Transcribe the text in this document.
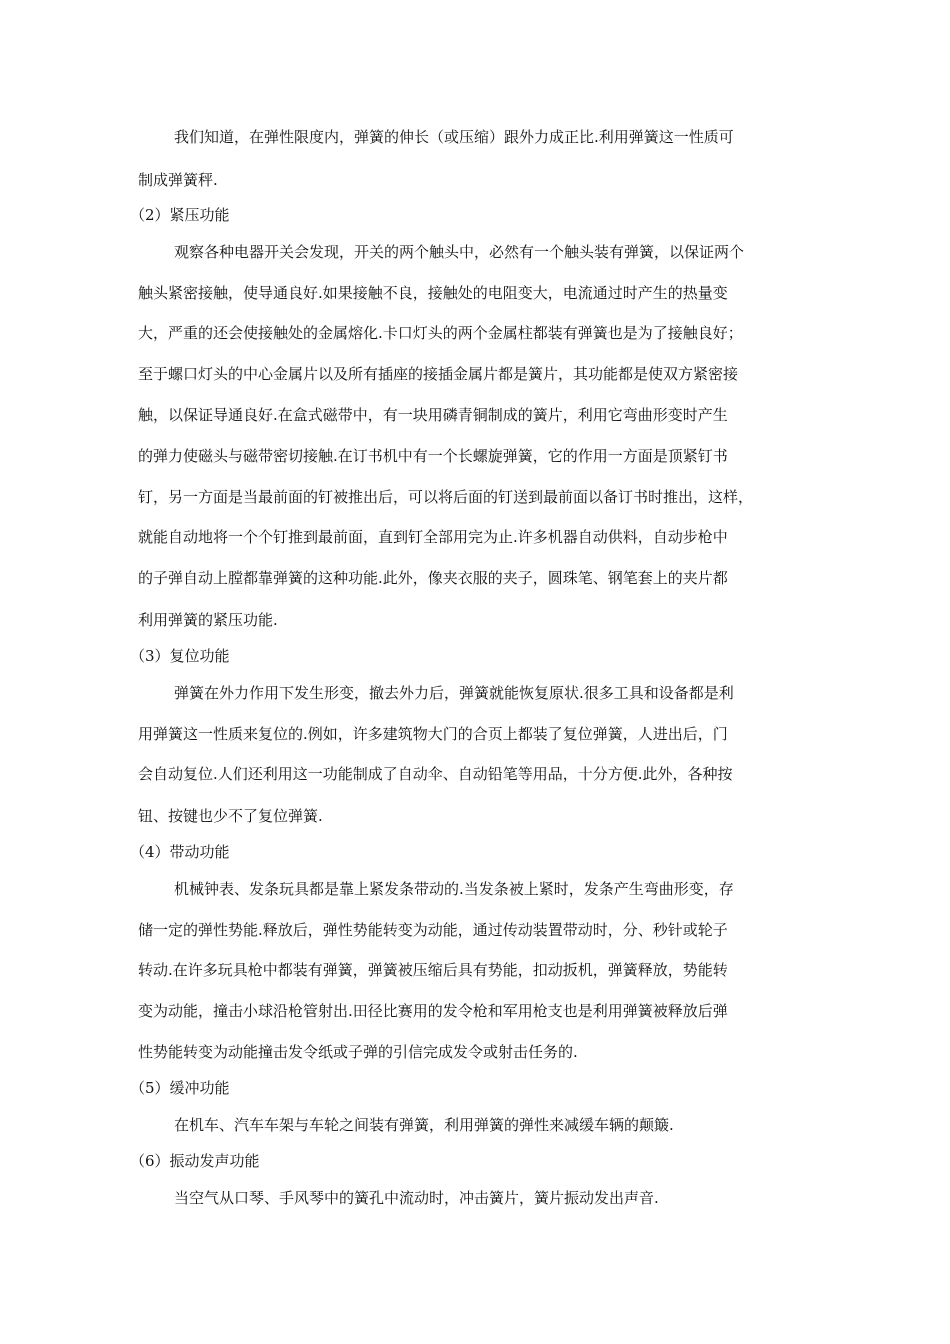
我们知道，在弹性限度内，弹簧的伸长（或压缩）跟外力成正比.利用弹簧这一性质可

制成弹簧秤.

（2）紧压功能

观察各种电器开关会发现，开关的两个触头中，必然有一个触头装有弹簧，以保证两个

触头紧密接触，使导通良好.如果接触不良，接触处的电阻变大，电流通过时产生的热量变

大，严重的还会使接触处的金属熔化.卡口灯头的两个金属柱都装有弹簧也是为了接触良好；

至于螺口灯头的中心金属片以及所有插座的接插金属片都是簧片，其功能都是使双方紧密接

触，以保证导通良好.在盒式磁带中，有一块用磷青铜制成的簧片，利用它弯曲形变时产生

的弹力使磁头与磁带密切接触.在订书机中有一个长螺旋弹簧，它的作用一方面是顶紧钉书

钉，另一方面是当最前面的钉被推出后，可以将后面的钉送到最前面以备订书时推出，这样，

就能自动地将一个个钉推到最前面，直到钉全部用完为止.许多机器自动供料，自动步枪中

的子弹自动上膛都靠弹簧的这种功能.此外，像夹衣服的夹子，圆珠笔、钢笔套上的夹片都

利用弹簧的紧压功能.

（3）复位功能

弹簧在外力作用下发生形变，撤去外力后，弹簧就能恢复原状.很多工具和设备都是利

用弹簧这一性质来复位的.例如，许多建筑物大门的合页上都装了复位弹簧，人进出后，门

会自动复位.人们还利用这一功能制成了自动伞、自动铅笔等用品，十分方便.此外，各种按

钮、按键也少不了复位弹簧.

（4）带动功能

机械钟表、发条玩具都是靠上紧发条带动的.当发条被上紧时，发条产生弯曲形变，存

储一定的弹性势能.释放后，弹性势能转变为动能，通过传动装置带动时，分、秒针或轮子

转动.在许多玩具枪中都装有弹簧，弹簧被压缩后具有势能，扣动扳机，弹簧释放，势能转

变为动能，撞击小球沿枪管射出.田径比赛用的发令枪和军用枪支也是利用弹簧被释放后弹

性势能转变为动能撞击发令纸或子弹的引信完成发令或射击任务的.

（5）缓冲功能

在机车、汽车车架与车轮之间装有弹簧，利用弹簧的弹性来减缓车辆的颠簸.

（6）振动发声功能

当空气从口琴、手风琴中的簧孔中流动时，冲击簧片，簧片振动发出声音.
